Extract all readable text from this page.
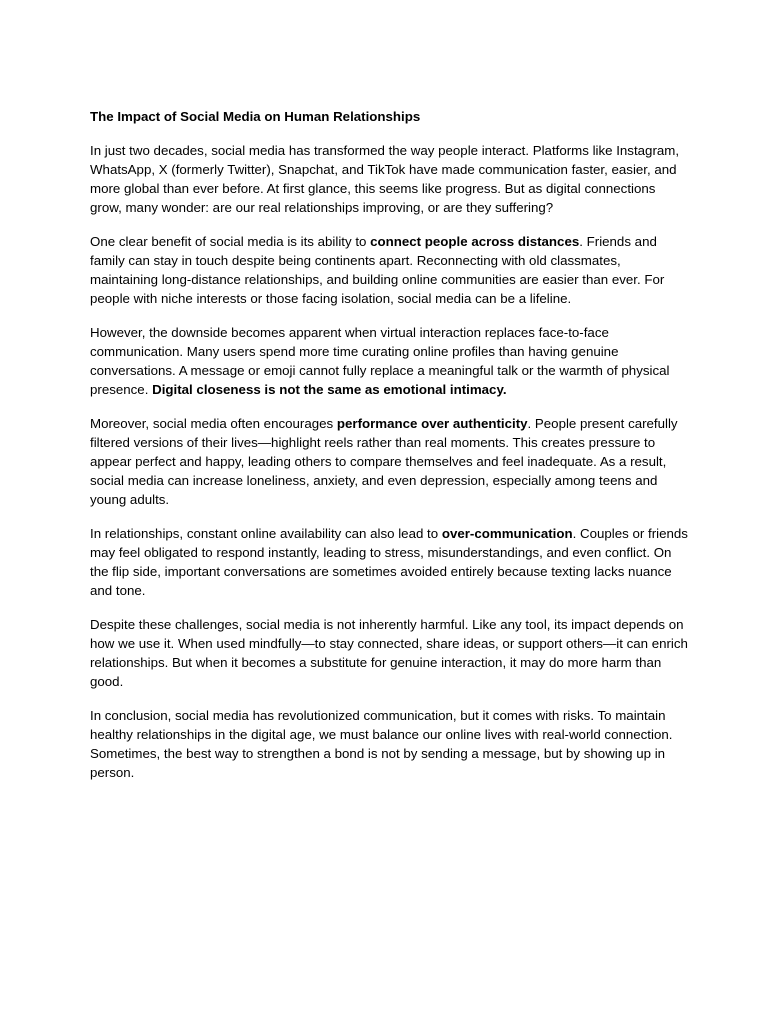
The Impact of Social Media on Human Relationships

In just two decades, social media has transformed the way people interact. Platforms like Instagram, WhatsApp, X (formerly Twitter), Snapchat, and TikTok have made communication faster, easier, and more global than ever before. At first glance, this seems like progress. But as digital connections grow, many wonder: are our real relationships improving, or are they suffering?

One clear benefit of social media is its ability to connect people across distances. Friends and family can stay in touch despite being continents apart. Reconnecting with old classmates, maintaining long-distance relationships, and building online communities are easier than ever. For people with niche interests or those facing isolation, social media can be a lifeline.

However, the downside becomes apparent when virtual interaction replaces face-to-face communication. Many users spend more time curating online profiles than having genuine conversations. A message or emoji cannot fully replace a meaningful talk or the warmth of physical presence. Digital closeness is not the same as emotional intimacy.

Moreover, social media often encourages performance over authenticity. People present carefully filtered versions of their lives—highlight reels rather than real moments. This creates pressure to appear perfect and happy, leading others to compare themselves and feel inadequate. As a result, social media can increase loneliness, anxiety, and even depression, especially among teens and young adults.

In relationships, constant online availability can also lead to over-communication. Couples or friends may feel obligated to respond instantly, leading to stress, misunderstandings, and even conflict. On the flip side, important conversations are sometimes avoided entirely because texting lacks nuance and tone.

Despite these challenges, social media is not inherently harmful. Like any tool, its impact depends on how we use it. When used mindfully—to stay connected, share ideas, or support others—it can enrich relationships. But when it becomes a substitute for genuine interaction, it may do more harm than good.

In conclusion, social media has revolutionized communication, but it comes with risks. To maintain healthy relationships in the digital age, we must balance our online lives with real-world connection. Sometimes, the best way to strengthen a bond is not by sending a message, but by showing up in person.
